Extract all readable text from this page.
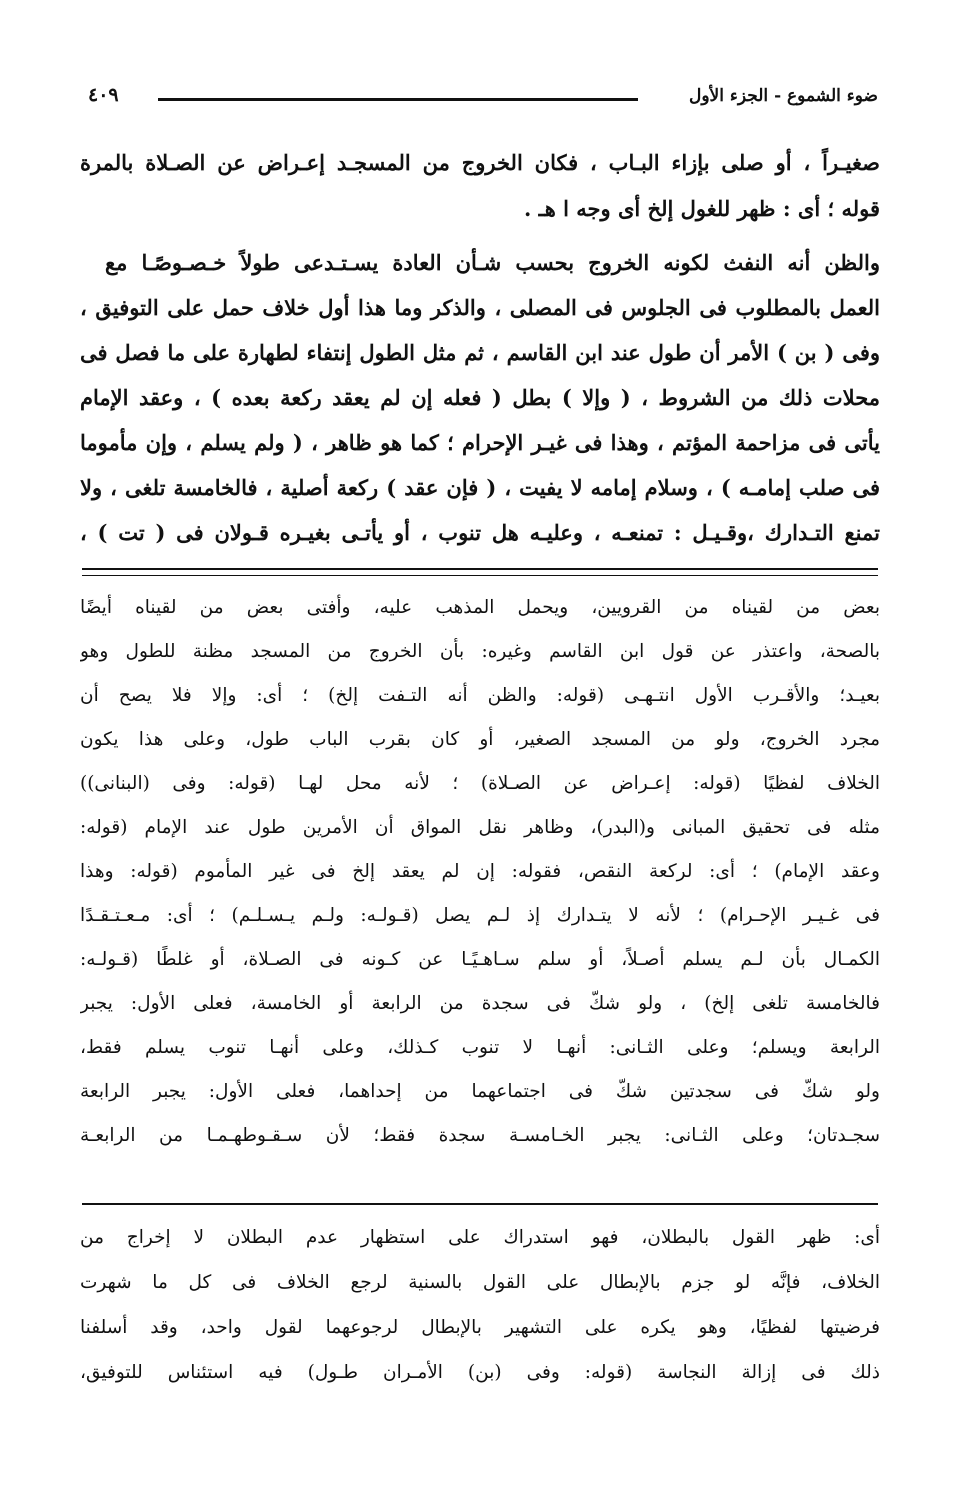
ضوء الشموع - الجزء الأول
٤٠٩
صغيـراً ، أو صلى بإزاء البـاب ، فكان الخروج من المسجـد إعـراض عن الصـلاة بالمرة
قوله ؛ أى : ظهر للغول إلخ أى وجه ا هـ .
والظن أنه النفث لكونه الخروج بحسب شـأن العادة يسـتـدعى طولاً خـصـوصًـا مع
العمل بالمطلوب فى الجلوس فى المصلى ، والذكر وما هذا أول خلاف حمل على التوفيق ،
وفى ( بن ) الأمر أن طول عند ابن القاسم ، ثم مثل الطول إنتفاء لطهارة على ما فصل فى
محلات ذلك من الشروط ، ( وإلا ) بطل ( فعله إن لم يعقد ركعة بعده ) ، وعقد الإمام
يأتى فى مزاحمة المؤتم ، وهذا فى غيـر الإحرام ؛ كما هو ظاهر ، ( ولم يسلم ، وإن مأموما
فى صلب إمامـه ) ، وسلام إمامه لا يفيت ، ( فإن عقد ) ركعة أصلية ، فالخامسة تلغى ، ولا
تمنع التـدارك ،وقـيـل : تمنعـه ، وعليـه هل تنوب ، أو يأتـى بغيـره قـولان فى ( تت ) ،
بعض من لقيناه من القرويين، ويحمل المذهب عليه، وأفتى بعض من لقيناه أيضًا
بالصحة، واعتذر عن قول ابن القاسم وغيره: بأن الخروج من المسجد مظنة للطول وهو
بعيـد؛ والأقـرب الأول انتـهـى (قوله: والظن أنه التـفت إلخ) ؛ أى: وإلا فلا يصح أن
مجرد الخروج، ولو من المسجد الصغير، أو كان بقرب الباب طول، وعلى هذا يكون
الخلاف لفظيًا (قوله: إعـراض عن الصـلاة) ؛ لأنه محل لهـا (قوله: وفى (البنانى))
مثله فى تحقيق المبانى و(البدر)، وظاهر نقل المواق أن الأمرين طول عند الإمام (قوله:
وعقد الإمام) ؛ أى: لركعة النقص، فقوله: إن لم يعقد إلخ فى غير المأموم (قوله: وهذا
فى غـيـر الإحـرام) ؛ لأنه لا يتـدارك إذ لـم يصل (قـولـه: ولـم يـسـلـم) ؛ أى: مـعـتـقـدًا
الكمـال بأن لـم يسلم أصـلاً، أو سلم سـاهـيًـا عن كـونه فى الصـلاة، أو غلطًا (قـولـه:
فالخامسة تلغى إلخ) ، ولو شكّ فى سجدة من الرابعة أو الخامسة، فعلى الأول: يجبر
الرابعة ويسلم؛ وعلى الثـانى: أنهـا لا تنوب كـذلك، وعلى أنهـا تنوب يسلم فقط،
ولو شكّ فى سجدتين شكّ فى اجتماعهما من إحداهما، فعلى الأول: يجبر الرابعة
سجـدتان؛ وعلى الثـانى: يجبر الخـامسـة سجدة فقط؛ لأن سـقـوطهـمـا من الرابعـة
أى: ظهر القول بالبطلان، فهو استدراك على استظهار عدم البطلان لا إخراج من
الخلاف، فإنَّه لو جزم بالإبطال على القول بالسنية لرجع الخلاف فى كل ما شهرت
فرضيتها لفظيًا، وهو يكره على التشهير بالإبطال لرجوعهما لقول واحد، وقد أسلفنا
ذلك فى إزالة النجاسة (قوله: وفى (بن) الأمـران طـول) فيه استئناس للتوفيق،
